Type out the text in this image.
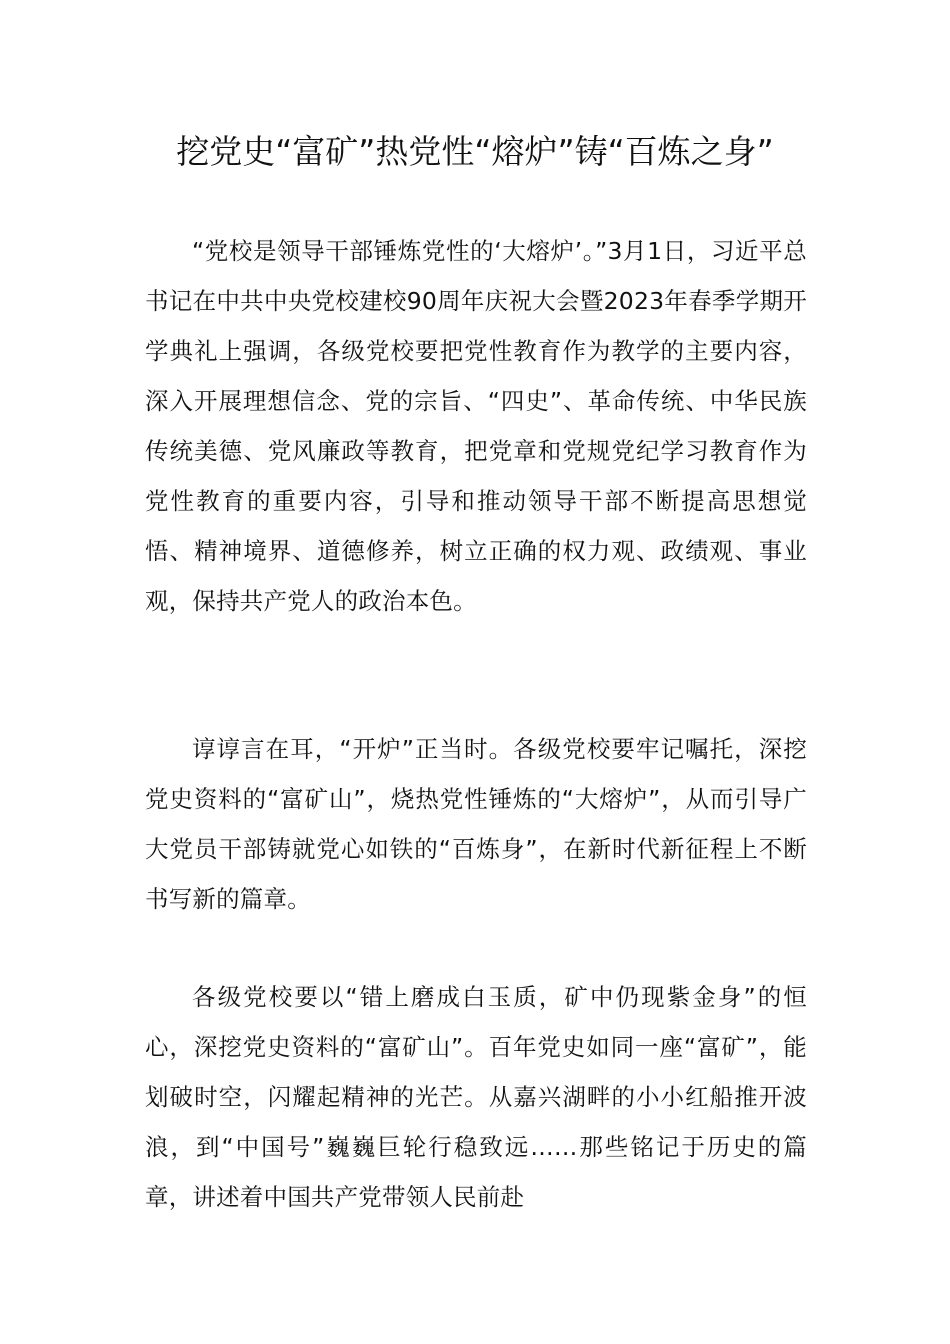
挖党史“富矿”热党性“熔炉”铸“百炼之身”

“党校是领导干部锤炼党性的‘大熔炉’。”3月1日，习近平总书记在中共中央党校建校90周年庆祝大会暨2023年春季学期开学典礼上强调，各级党校要把党性教育作为教学的主要内容，深入开展理想信念、党的宗旨、“四史”、革命传统、中华民族传统美德、党风廉政等教育，把党章和党规党纪学习教育作为党性教育的重要内容，引导和推动领导干部不断提高思想觉悟、精神境界、道德修养，树立正确的权力观、政绩观、事业观，保持共产党人的政治本色。

谆谆言在耳，“开炉”正当时。各级党校要牢记嘱托，深挖党史资料的“富矿山”，烧热党性锤炼的“大熔炉”，从而引导广大党员干部铸就党心如铁的“百炼身”，在新时代新征程上不断书写新的篇章。

各级党校要以“错上磨成白玉质，矿中仍现紫金身”的恒心，深挖党史资料的“富矿山”。百年党史如同一座“富矿”，能划破时空，闪耀起精神的光芒。从嘉兴湖畔的小小红船推开波浪，到“中国号”巍巍巨轮行稳致远……那些铭记于历史的篇章，讲述着中国共产党带领人民前赴
